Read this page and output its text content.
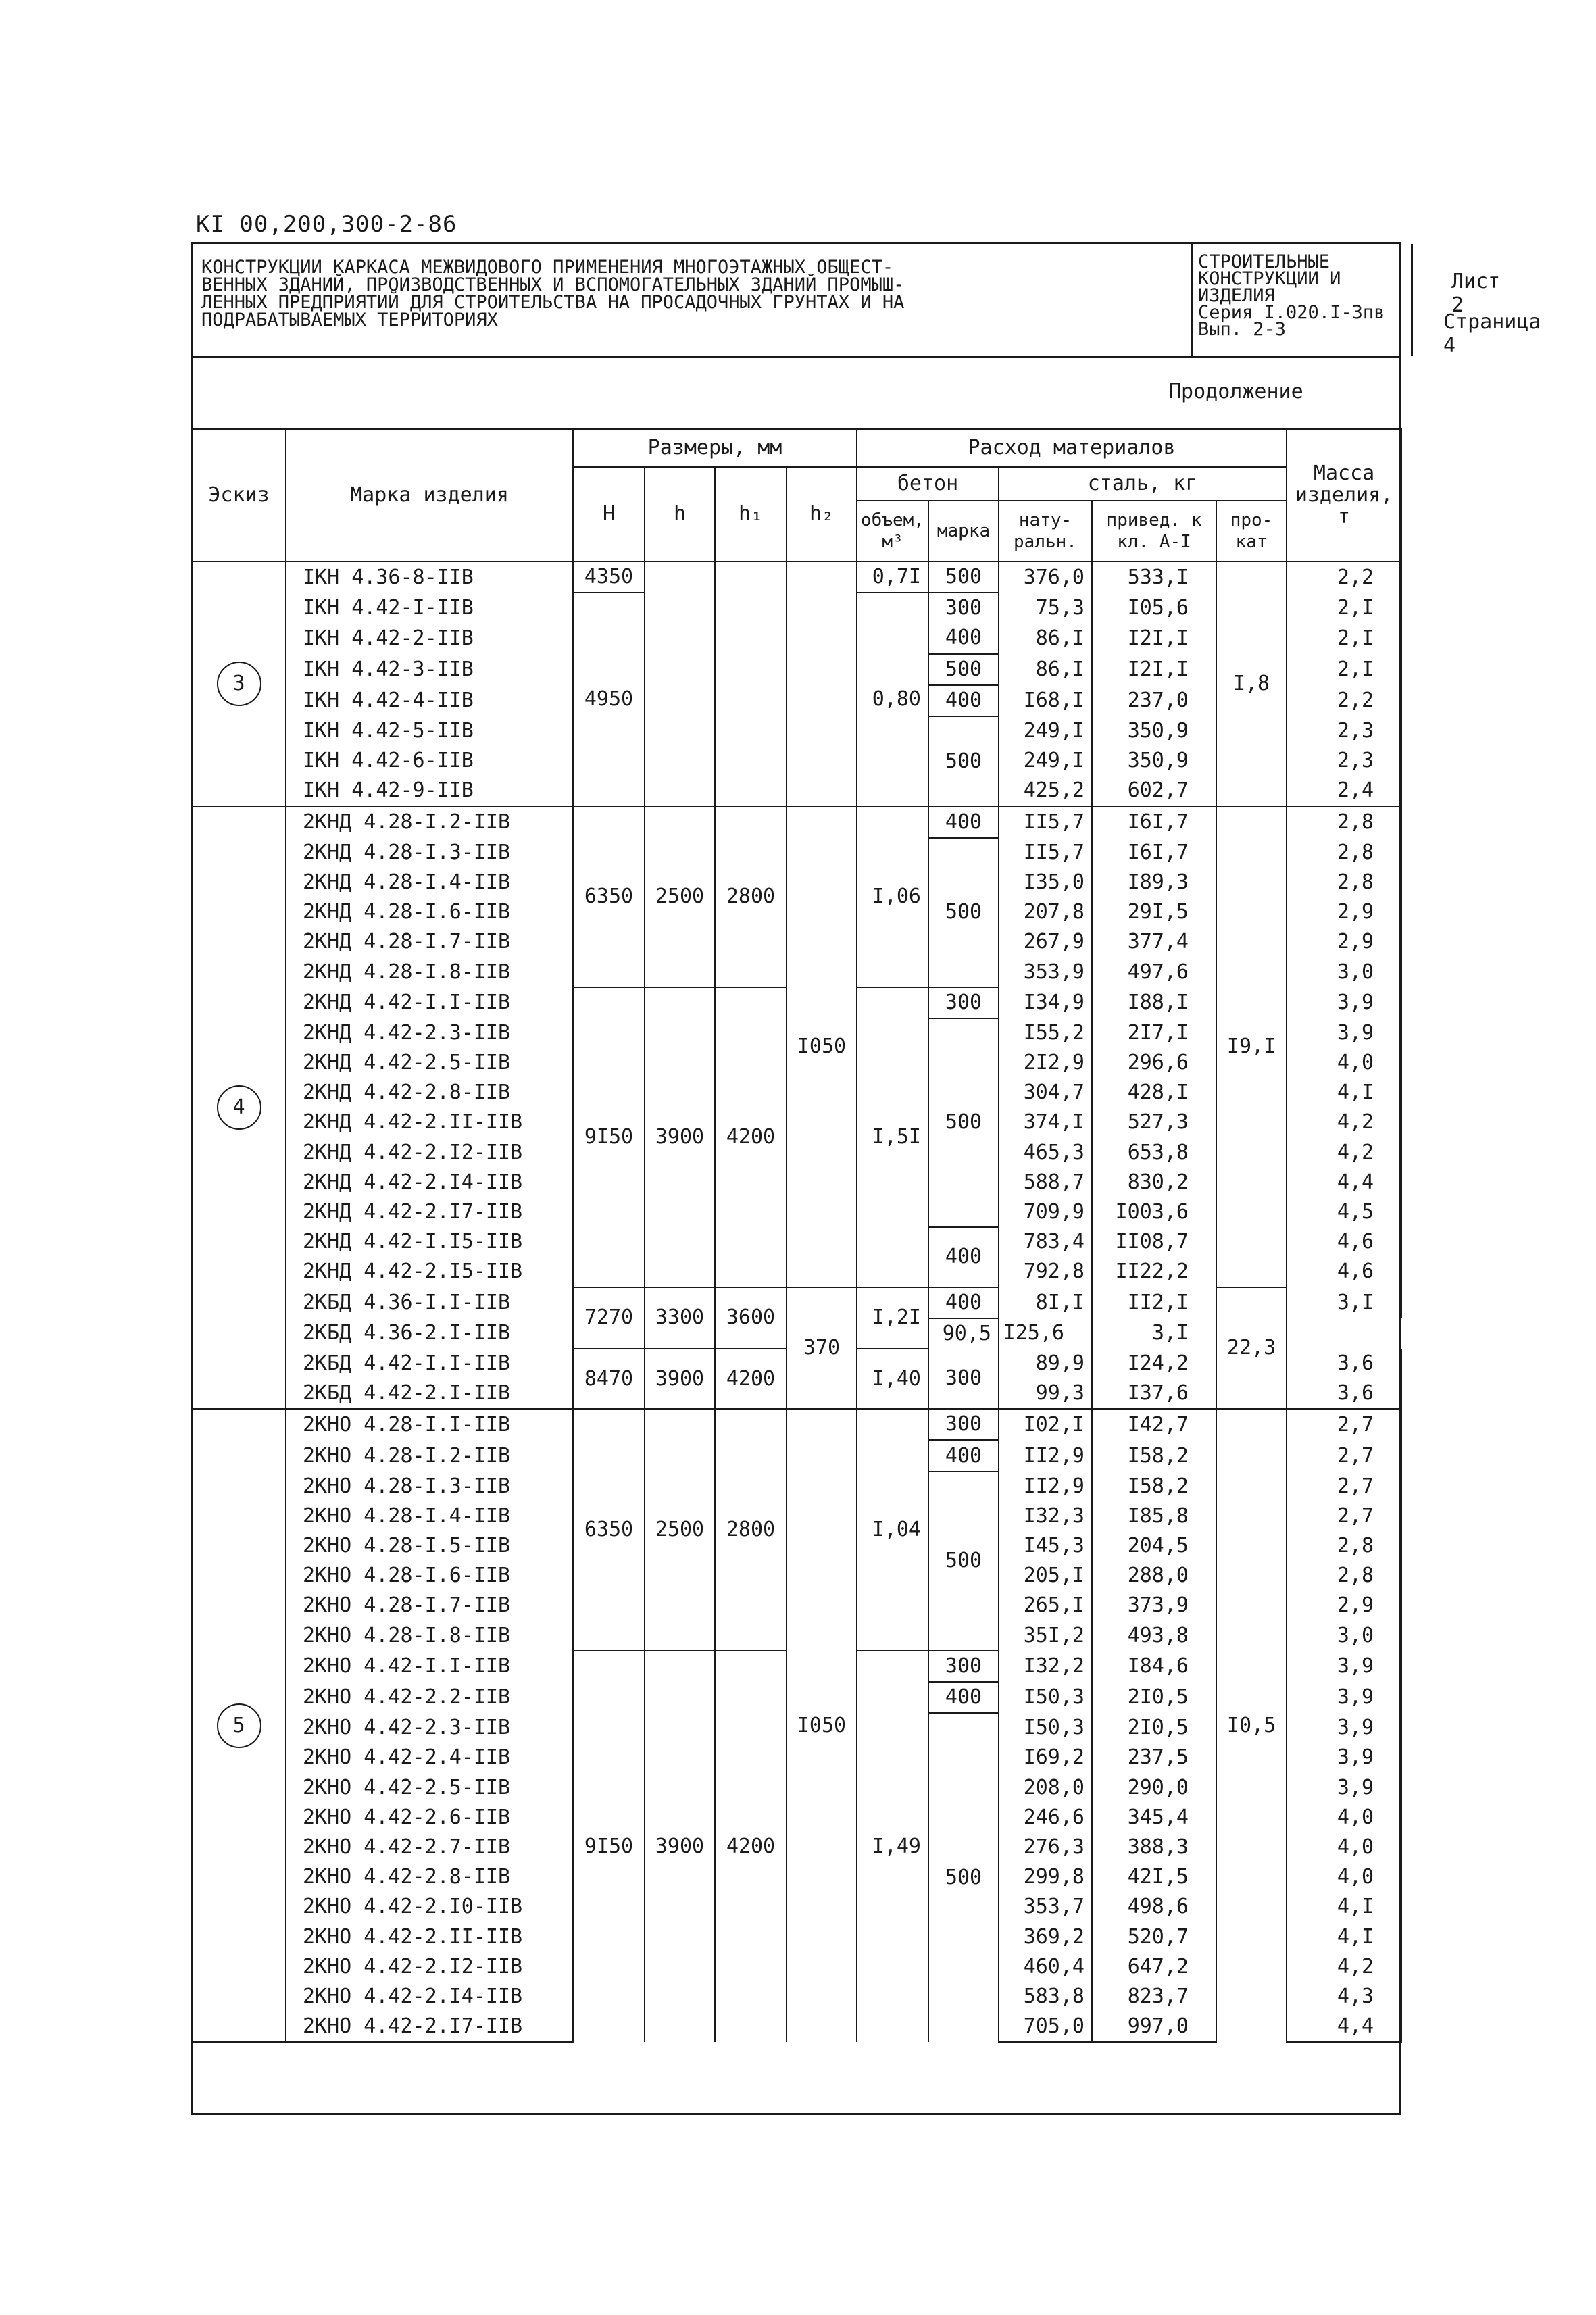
КI 00,200,300-2-86
КОНСТРУКЦИИ КАРКАСА МЕЖВИДОВОГО ПРИМЕНЕНИЯ МНОГОЭТАЖНЫХ ОБЩЕСТ-
ВЕННЫХ ЗДАНИЙ, ПРОИЗВОДСТВЕННЫХ И ВСПОМОГАТЕЛЬНЫХ ЗДАНИЙ ПРОМЫШ-
ЛЕННЫХ ПРЕДПРИЯТИЙ ДЛЯ СТРОИТЕЛЬСТВА НА ПРОСАДОЧНЫХ ГРУНТАХ И НА
ПОДРАБАТЫВАЕМЫХ ТЕРРИТОРИЯХ
СТРОИТЕЛЬНЫЕ
КОНСТРУКЦИИ И
ИЗДЕЛИЯ
Серия I.020.I-3пв
Вып. 2-3
Лист 2
Страница 4
Продолжение
Эскиз	Марка изделия	Размеры, мм				Расход материалов					Масса изделия, т
		H	h	h₁	h₂	бетон		сталь, кг			
						объем, м³	марка	нату-ральн.	привед. к кл. А-I	про-кат	
3	IКН 4.36-8-IIВ	4350				0,7I	500	376,0	533,I	I,8	2,2
	IКН 4.42-I-IIВ	4950				0,80	300	75,3	I05,6		2,I
	IКН 4.42-2-IIВ						400	86,I	I2I,I		2,I
	IКН 4.42-3-IIВ						500	86,I	I2I,I		2,I
	IКН 4.42-4-IIВ						400	I68,I	237,0		2,2
	IКН 4.42-5-IIВ						500	249,I	350,9		2,3
	IКН 4.42-6-IIВ							249,I	350,9		2,3
	IКН 4.42-9-IIВ							425,2	602,7		2,4
4	2КНД 4.28-I.2-IIВ	6350	2500	2800	I050	I,06	400	II5,7	I6I,7	I9,I	2,8
	2КНД 4.28-I.3-IIВ						500	II5,7	I6I,7		2,8
	2КНД 4.28-I.4-IIВ							I35,0	I89,3		2,8
	2КНД 4.28-I.6-IIВ							207,8	29I,5		2,9
	2КНД 4.28-I.7-IIВ							267,9	377,4		2,9
	2КНД 4.28-I.8-IIВ							353,9	497,6		3,0
	2КНД 4.42-I.I-IIВ	9I50	3900	4200		I,5I	300	I34,9	I88,I		3,9
	2КНД 4.42-2.3-IIВ						500	I55,2	2I7,I		3,9
	2КНД 4.42-2.5-IIВ							2I2,9	296,6		4,0
	2КНД 4.42-2.8-IIВ							304,7	428,I		4,I
	2КНД 4.42-2.II-IIВ							374,I	527,3		4,2
	2КНД 4.42-2.I2-IIВ							465,3	653,8		4,2
	2КНД 4.42-2.I4-IIВ							588,7	830,2		4,4
	2КНД 4.42-2.I7-IIВ							709,9	I003,6		4,5
	2КНД 4.42-I.I5-IIВ						400	783,4	II08,7		4,6
	2КНД 4.42-2.I5-IIВ							792,8	II22,2		4,6
	2КБД 4.36-I.I-IIВ	7270	3300	3600	370	I,2I	400	8I,I	II2,I	22,3	3,I
	2КБД 4.36-2.I-IIВ						90,5	I25,6	3,I		
	2КБД 4.42-I.I-IIВ	8470	3900	4200		I,40	300	89,9	I24,2		3,6
	2КБД 4.42-2.I-IIВ							99,3	I37,6		3,6
5	2КНО 4.28-I.I-IIВ	6350	2500	2800	I050	I,04	300	I02,I	I42,7	I0,5	2,7
	2КНО 4.28-I.2-IIВ						400	II2,9	I58,2		2,7
	2КНО 4.28-I.3-IIВ						500	II2,9	I58,2		2,7
	2КНО 4.28-I.4-IIВ							I32,3	I85,8		2,7
	2КНО 4.28-I.5-IIВ							I45,3	204,5		2,8
	2КНО 4.28-I.6-IIВ							205,I	288,0		2,8
	2КНО 4.28-I.7-IIВ							265,I	373,9		2,9
	2КНО 4.28-I.8-IIВ							35I,2	493,8		3,0
	2КНО 4.42-I.I-IIВ	9I50	3900	4200		I,49	300	I32,2	I84,6		3,9
	2КНО 4.42-2.2-IIВ						400	I50,3	2I0,5		3,9
	2КНО 4.42-2.3-IIВ						500	I50,3	2I0,5		3,9
	2КНО 4.42-2.4-IIВ							I69,2	237,5		3,9
	2КНО 4.42-2.5-IIВ							208,0	290,0		3,9
	2КНО 4.42-2.6-IIВ							246,6	345,4		4,0
	2КНО 4.42-2.7-IIВ							276,3	388,3		4,0
	2КНО 4.42-2.8-IIВ							299,8	42I,5		4,0
	2КНО 4.42-2.I0-IIВ							353,7	498,6		4,I
	2КНО 4.42-2.II-IIВ							369,2	520,7		4,I
	2КНО 4.42-2.I2-IIВ							460,4	647,2		4,2
	2КНО 4.42-2.I4-IIВ							583,8	823,7		4,3
	2КНО 4.42-2.I7-IIВ							705,0	997,0		4,4
